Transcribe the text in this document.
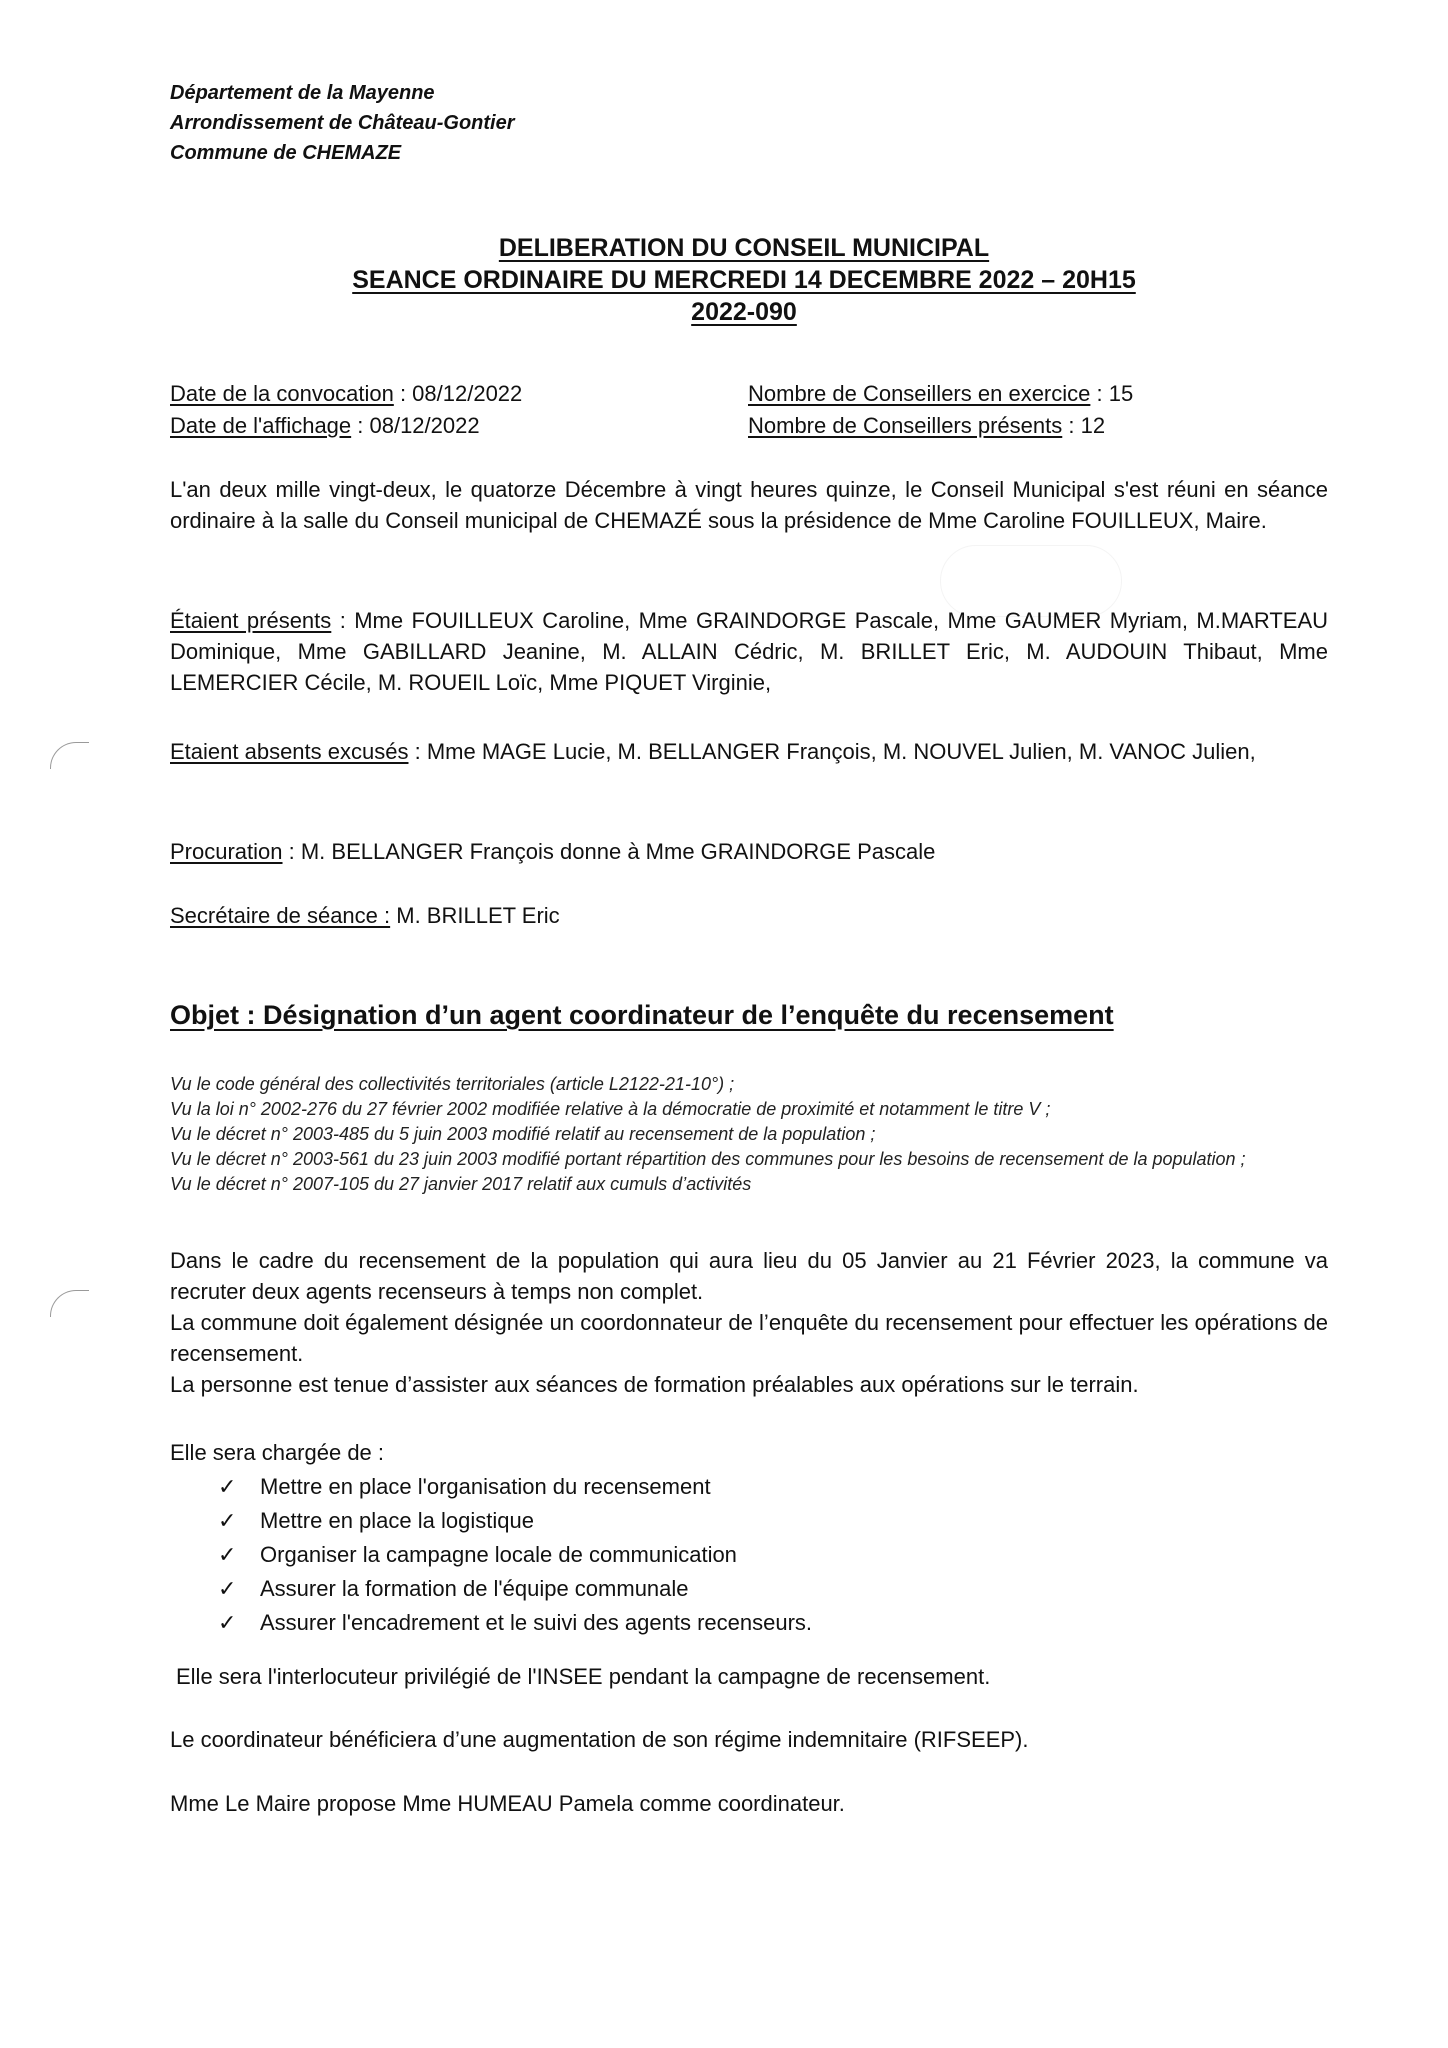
Département de la Mayenne
Arrondissement de Château-Gontier
Commune de CHEMAZE
DELIBERATION DU CONSEIL MUNICIPAL
SEANCE ORDINAIRE DU MERCREDI 14 DECEMBRE 2022 – 20H15
2022-090
Date de la convocation : 08/12/2022
Date de l'affichage : 08/12/2022
Nombre de Conseillers en exercice : 15
Nombre de Conseillers présents : 12
L'an deux mille vingt-deux, le quatorze Décembre à vingt heures quinze, le Conseil Municipal s'est réuni en séance ordinaire à la salle du Conseil municipal de CHEMAZÉ sous la présidence de Mme Caroline FOUILLEUX, Maire.
Étaient présents : Mme FOUILLEUX Caroline, Mme GRAINDORGE Pascale, Mme GAUMER Myriam, M.MARTEAU Dominique, Mme GABILLARD Jeanine, M. ALLAIN Cédric, M. BRILLET Eric, M. AUDOUIN Thibaut, Mme LEMERCIER Cécile, M. ROUEIL Loïc, Mme PIQUET Virginie,
Etaient absents excusés : Mme MAGE Lucie, M. BELLANGER François, M. NOUVEL Julien, M. VANOC Julien,
Procuration : M. BELLANGER François donne à Mme GRAINDORGE Pascale
Secrétaire de séance : M. BRILLET Eric
Objet : Désignation d’un agent coordinateur de l’enquête du recensement
Vu le code général des collectivités territoriales (article L2122-21-10°) ;
Vu la loi n° 2002-276 du 27 février 2002 modifiée relative à la démocratie de proximité et notamment le titre V ;
Vu le décret n° 2003-485 du 5 juin 2003 modifié relatif au recensement de la population ;
Vu le décret n° 2003-561 du 23 juin 2003 modifié portant répartition des communes pour les besoins de recensement de la population ;
Vu le décret n° 2007-105 du 27 janvier 2017 relatif aux cumuls d’activités
Dans le cadre du recensement de la population qui aura lieu du 05 Janvier au 21 Février 2023, la commune va recruter deux agents recenseurs à temps non complet.
La commune doit également désignée un coordonnateur de l’enquête du recensement pour effectuer les opérations de recensement.
La personne est tenue d’assister aux séances de formation préalables aux opérations sur le terrain.
Elle sera chargée de :
✓ Mettre en place l'organisation du recensement
✓ Mettre en place la logistique
✓ Organiser la campagne locale de communication
✓ Assurer la formation de l'équipe communale
✓ Assurer l'encadrement et le suivi des agents recenseurs.
Elle sera l'interlocuteur privilégié de l'INSEE pendant la campagne de recensement.
Le coordinateur bénéficiera d’une augmentation de son régime indemnitaire (RIFSEEP).
Mme Le Maire propose Mme HUMEAU Pamela comme coordinateur.
